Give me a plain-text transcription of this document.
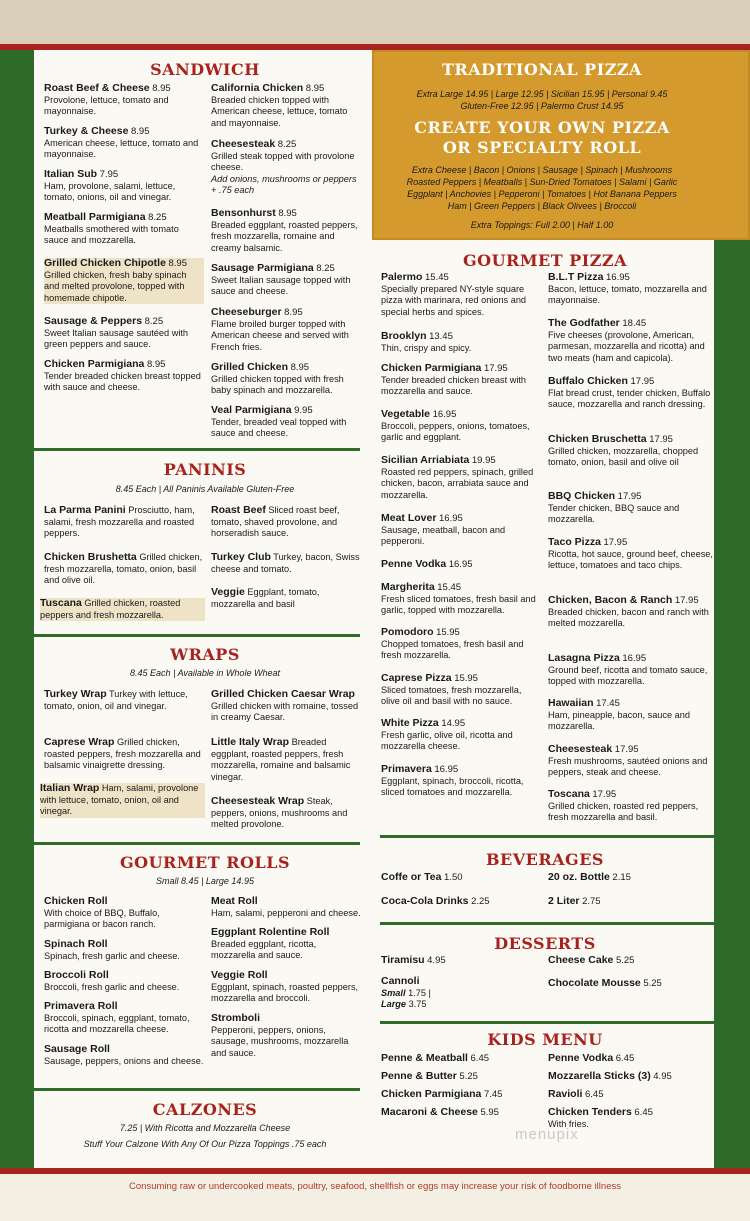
Consuming raw or undercooked meats, poultry, seafood, shellfish or eggs may increase your risk of foodborne illness
SANDWICH
Roast Beef & Cheese 8.95
Provolone, lettuce, tomato and mayonnaise.
Turkey & Cheese 8.95
American cheese, lettuce, tomato and mayonnaise.
Italian Sub 7.95
Ham, provolone, salami, lettuce, tomato, onions, oil and vinegar.
Meatball Parmigiana 8.25
Meatballs smothered with tomato sauce and mozzarella.
Grilled Chicken Chipotle 8.95
Grilled chicken, fresh baby spinach and melted provolone, topped with homemade chipotle.
Sausage & Peppers 8.25
Sweet Italian sausage sautéed with green peppers and sauce.
Chicken Parmigiana 8.95
Tender breaded chicken breast topped with sauce and cheese.
California Chicken 8.95
Breaded chicken topped with American cheese, lettuce, tomato and mayonnaise.
Cheesesteak 8.25
Grilled steak topped with provolone cheese.
Add onions, mushrooms or peppers + .75 each
Bensonhurst 8.95
Breaded eggplant, roasted peppers, fresh mozzarella, romaine and creamy balsamic.
Sausage Parmigiana 8.25
Sweet Italian sausage topped with sauce and cheese.
Cheeseburger 8.95
Flame broiled burger topped with American cheese and served with French fries.
Grilled Chicken 8.95
Grilled chicken topped with fresh baby spinach and mozzarella.
Veal Parmigiana 9.95
Tender, breaded veal topped with sauce and cheese.
PANINIS
8.45 Each | All Paninis Available Gluten-Free
La Parma Panini Prosciutto, ham, salami, fresh mozzarella and roasted peppers.
Chicken Brushetta Grilled chicken, fresh mozzarella, tomato, onion, basil and olive oil.
Tuscana Grilled chicken, roasted peppers and fresh mozzarella.
Roast Beef Sliced roast beef, tomato, shaved provolone, and horseradish sauce.
Turkey Club Turkey, bacon, Swiss cheese and tomato.
Veggie Eggplant, tomato, mozzarella and basil
WRAPS
8.45 Each | Available in Whole Wheat
Turkey Wrap Turkey with lettuce, tomato, onion, oil and vinegar.
Caprese Wrap Grilled chicken, roasted peppers, fresh mozzarella and balsamic vinaigrette dressing.
Italian Wrap Ham, salami, provolone with lettuce, tomato, onion, oil and vinegar.
Grilled Chicken Caesar Wrap
Grilled chicken with romaine, tossed in creamy Caesar.
Little Italy Wrap Breaded eggplant, roasted peppers, fresh mozzarella, romaine and balsamic vinegar.
Cheesesteak Wrap Steak, peppers, onions, mushrooms and melted provolone.
GOURMET ROLLS
Small 8.45 | Large 14.95
Chicken Roll
With choice of BBQ, Buffalo, parmigiana or bacon ranch.
Spinach Roll
Spinach, fresh garlic and cheese.
Broccoli Roll
Broccoli, fresh garlic and cheese.
Primavera Roll
Broccoli, spinach, eggplant, tomato, ricotta and mozzarella cheese.
Sausage Roll
Sausage, peppers, onions and cheese.
Meat Roll
Ham, salami, pepperoni and cheese.
Eggplant Rolentine Roll
Breaded eggplant, ricotta, mozzarella and sauce.
Veggie Roll
Eggplant, spinach, roasted peppers, mozzarella and broccoli.
Stromboli
Pepperoni, peppers, onions, sausage, mushrooms, mozzarella and sauce.
CALZONES
7.25 | With Ricotta and Mozzarella Cheese
Stuff Your Calzone With Any Of Our Pizza Toppings .75 each
TRADITIONAL PIZZA
Extra Large 14.95 | Large 12.95 | Sicilian 15.95 | Personal 9.45
Gluten-Free 12.95 | Palermo Crust 14.95
CREATE YOUR OWN PIZZA
OR SPECIALTY ROLL
Extra Cheese | Bacon | Onions | Sausage | Spinach | Mushrooms
Roasted Peppers | Meatballs | Sun-Dried Tomatoes | Salami | Garlic
Eggplant | Anchovies | Pepperoni | Tomatoes | Hot Banana Peppers
Ham | Green Peppers | Black Olivees | Broccoli
Extra Toppings: Full 2.00 | Half 1.00
GOURMET PIZZA
Palermo 15.45
Specially prepared NY-style square pizza with marinara, red onions and special herbs and spices.
Brooklyn 13.45
Thin, crispy and spicy.
Chicken Parmigiana 17.95
Tender breaded chicken breast with mozzarella and sauce.
Vegetable 16.95
Broccoli, peppers, onions, tomatoes, garlic and eggplant.
Sicilian Arriabiata 19.95
Roasted red peppers, spinach, grilled chicken, bacon, arrabiata sauce and mozzarella.
Meat Lover 16.95
Sausage, meatball, bacon and pepperoni.
Penne Vodka 16.95
Margherita 15.45
Fresh sliced tomatoes, fresh basil and garlic, topped with mozzarella.
Pomodoro 15.95
Chopped tomatoes, fresh basil and fresh mozzarella.
Caprese Pizza 15.95
Sliced tomatoes, fresh mozzarella, olive oil and basil with no sauce.
White Pizza 14.95
Fresh garlic, olive oil, ricotta and mozzarella cheese.
Primavera 16.95
Eggplant, spinach, broccoli, ricotta, sliced tomatoes and mozzarella.
B.L.T Pizza 16.95
Bacon, lettuce, tomato, mozzarella and mayonnaise.
The Godfather 18.45
Five cheeses (provolone, American, parmesan, mozzarella and ricotta) and two meats (ham and capicola).
Buffalo Chicken 17.95
Flat bread crust, tender chicken, Buffalo sauce, mozzarella and ranch dressing.
Chicken Bruschetta 17.95
Grilled chicken, mozzarella, chopped tomato, onion, basil and olive oil
BBQ Chicken 17.95
Tender chicken, BBQ sauce and mozzarella.
Taco Pizza 17.95
Ricotta, hot sauce, ground beef, cheese, lettuce, tomatoes and taco chips.
Chicken, Bacon & Ranch 17.95
Breaded chicken, bacon and ranch with melted mozzarella.
Lasagna Pizza 16.95
Ground beef, ricotta and tomato sauce, topped with mozzarella.
Hawaiian 17.45
Ham, pineapple, bacon, sauce and mozzarella.
Cheesesteak 17.95
Fresh mushrooms, sautéed onions and peppers, steak and cheese.
Toscana 17.95
Grilled chicken, roasted red peppers, fresh mozzarella and basil.
BEVERAGES
Coffe or Tea 1.50
Coca-Cola Drinks 2.25
20 oz. Bottle 2.15
2 Liter 2.75
DESSERTS
Tiramisu 4.95
Cannoli
Small 1.75 |
Large 3.75
Cheese Cake 5.25
Chocolate Mousse 5.25
KIDS MENU
Penne & Meatball 6.45
Penne & Butter 5.25
Chicken Parmigiana 7.45
Macaroni & Cheese 5.95
Penne Vodka 6.45
Mozzarella Sticks (3) 4.95
Ravioli 6.45
Chicken Tenders 6.45
With fries.
menupix
